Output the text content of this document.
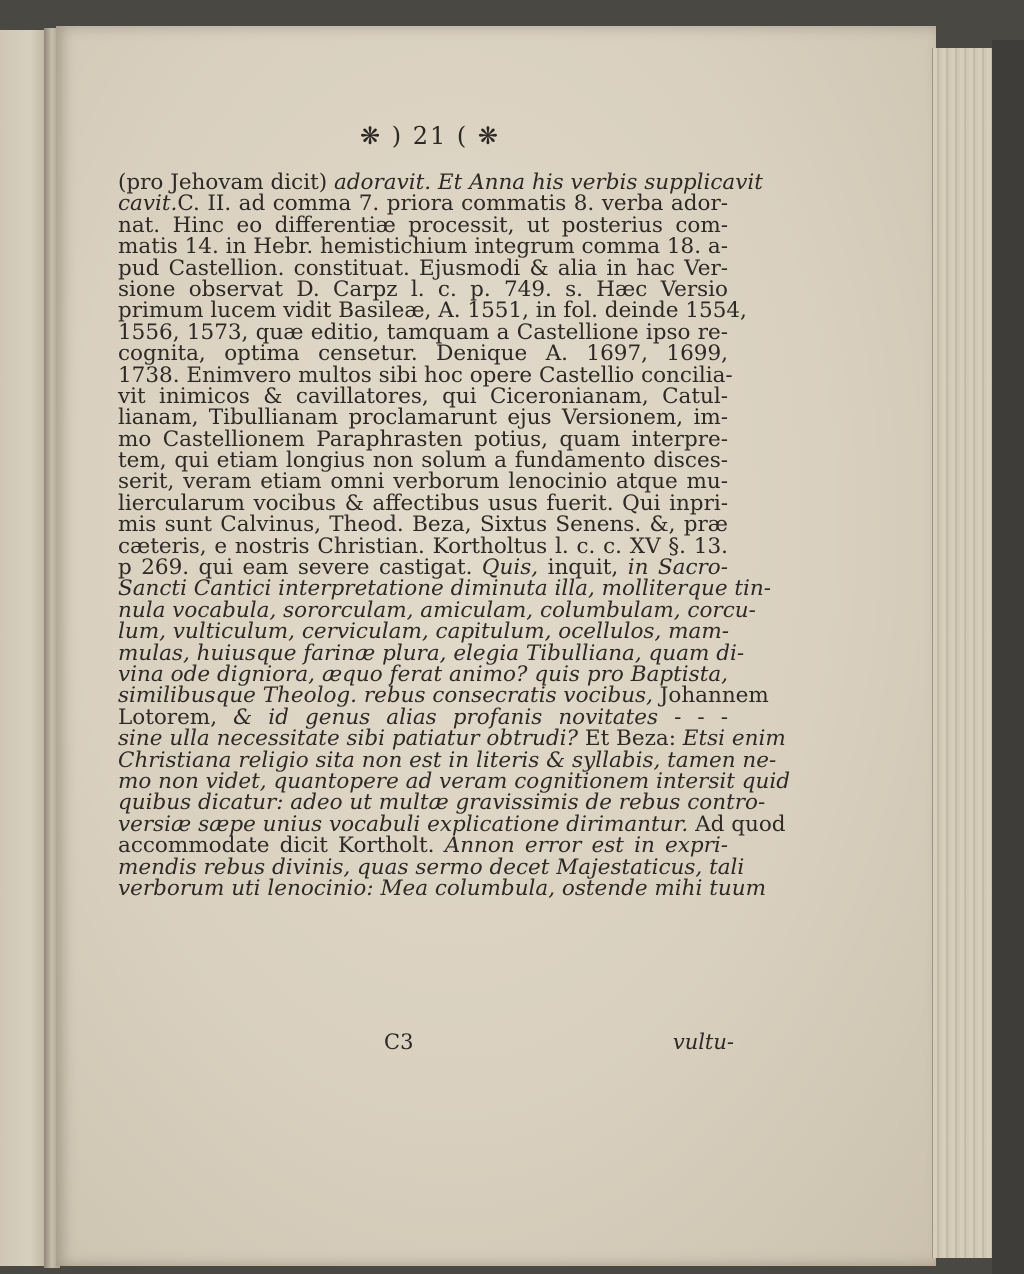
❋ ) 21 ( ❋
(pro Jehovam dicit) adoravit. Et Anna his verbis supplicavit
cavit.C. II. ad comma 7. priora commatis 8. verba ador-
nat. Hinc eo differentiæ processit, ut posterius com-
matis 14. in Hebr. hemistichium integrum comma 18. a-
pud Castellion. constituat. Ejusmodi & alia in hac Ver-
sione observat D. Carpz l. c. p. 749. s. Hæc Versio
primum lucem vidit Basileæ, A. 1551, in fol. deinde 1554,
1556, 1573, quæ editio, tamquam a Castellione ipso re-
cognita, optima censetur. Denique A. 1697, 1699,
1738. Enimvero multos sibi hoc opere Castellio concilia-
vit inimicos & cavillatores, qui Ciceronianam, Catul-
lianam, Tibullianam proclamarunt ejus Versionem, im-
mo Castellionem Paraphrasten potius, quam interpre-
tem, qui etiam longius non solum a fundamento disces-
serit, veram etiam omni verborum lenocinio atque mu-
liercularum vocibus & affectibus usus fuerit. Qui inpri-
mis sunt Calvinus, Theod. Beza, Sixtus Senens. &, præ
cæteris, e nostris Christian. Kortholtus l. c. c. XV §. 13.
p 269. qui eam severe castigat. Quis, inquit, in Sacro-
Sancti Cantici interpretatione diminuta illa, molliterque tin-
nula vocabula, sororculam, amiculam, columbulam, corcu-
lum, vulticulum, cerviculam, capitulum, ocellulos, mam-
mulas, huiusque farinæ plura, elegia Tibulliana, quam di-
vina ode digniora, æquo ferat animo? quis pro Baptista,
similibusque Theolog. rebus consecratis vocibus, Johannem
Lotorem, & id genus alias profanis novitates - - -
sine ulla necessitate sibi patiatur obtrudi? Et Beza: Etsi enim
Christiana religio sita non est in literis & syllabis, tamen ne-
mo non videt, quantopere ad veram cognitionem intersit quid
quibus dicatur: adeo ut multæ gravissimis de rebus contro-
versiæ sæpe unius vocabuli explicatione dirimantur. Ad quod
accommodate dicit Kortholt. Annon error est in expri-
mendis rebus divinis, quas sermo decet Majestaticus, tali
verborum uti lenocinio: Mea columbula, ostende mihi tuum
C3	vultu-
